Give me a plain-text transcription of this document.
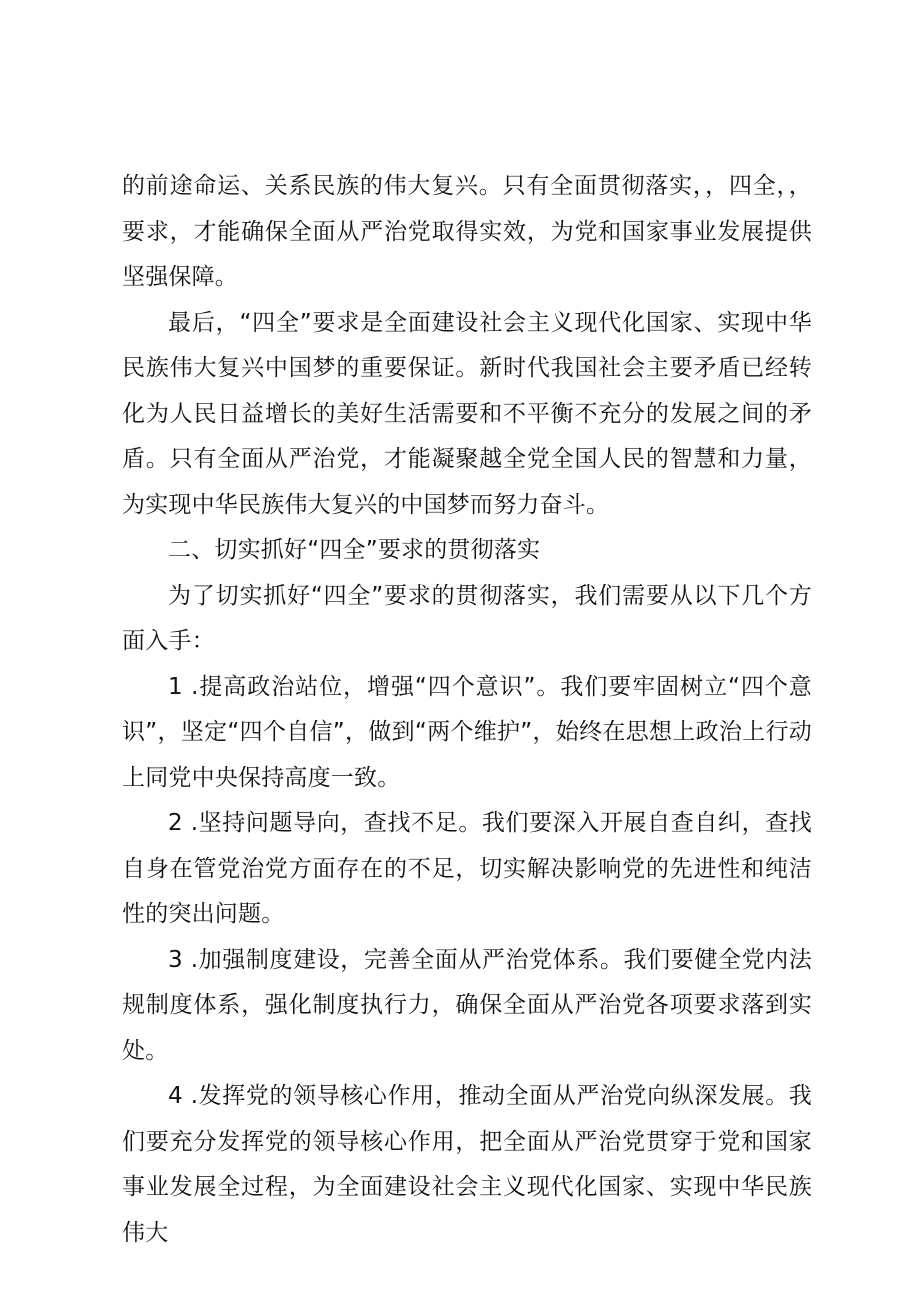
的前途命运、关系民族的伟大复兴。只有全面贯彻落实，，四全，，要求，才能确保全面从严治党取得实效，为党和国家事业发展提供坚强保障。

最后，“四全”要求是全面建设社会主义现代化国家、实现中华民族伟大复兴中国梦的重要保证。新时代我国社会主要矛盾已经转化为人民日益增长的美好生活需要和不平衡不充分的发展之间的矛盾。只有全面从严治党，才能凝聚越全党全国人民的智慧和力量，为实现中华民族伟大复兴的中国梦而努力奋斗。

二、切实抓好“四全”要求的贯彻落实

为了切实抓好“四全”要求的贯彻落实，我们需要从以下几个方面入手：

1 .提高政治站位，增强“四个意识”。我们要牢固树立“四个意识”，坚定“四个自信”，做到“两个维护”，始终在思想上政治上行动上同党中央保持高度一致。

2 .坚持问题导向，查找不足。我们要深入开展自查自纠，查找自身在管党治党方面存在的不足，切实解决影响党的先进性和纯洁性的突出问题。

3 .加强制度建设，完善全面从严治党体系。我们要健全党内法规制度体系，强化制度执行力，确保全面从严治党各项要求落到实处。

4 .发挥党的领导核心作用，推动全面从严治党向纵深发展。我们要充分发挥党的领导核心作用，把全面从严治党贯穿于党和国家事业发展全过程，为全面建设社会主义现代化国家、实现中华民族伟大
